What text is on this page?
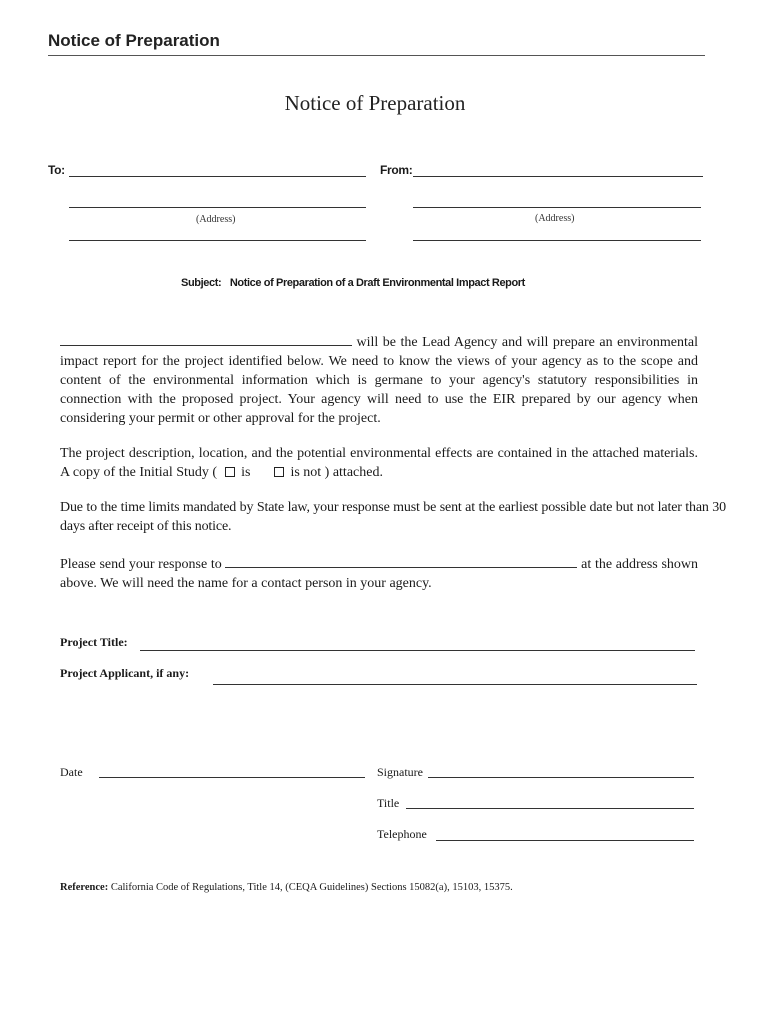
Notice of Preparation
Notice of Preparation
To:
(Address)
From:
(Address)
Subject: Notice of Preparation of a Draft Environmental Impact Report

will be the Lead Agency and will prepare an environmental impact report for the project identified below. We need to know the views of your agency as to the scope and content of the environmental information which is germane to your agency's statutory responsibilities in connection with the proposed project. Your agency will need to use the EIR prepared by our agency when considering your permit or other approval for the project.

The project description, location, and the potential environmental effects are contained in the attached materials. A copy of the Initial Study ( is	is not ) attached.

Due to the time limits mandated by State law, your response must be sent at the earliest possible date but not later than 30 days after receipt of this notice.

Please send your response to	at the address shown above. We will need the name for a contact person in your agency.

Project Title:
Project Applicant, if any:
Date	Signature
Title
Telephone
Reference: California Code of Regulations, Title 14, (CEQA Guidelines) Sections 15082(a), 15103, 15375.
